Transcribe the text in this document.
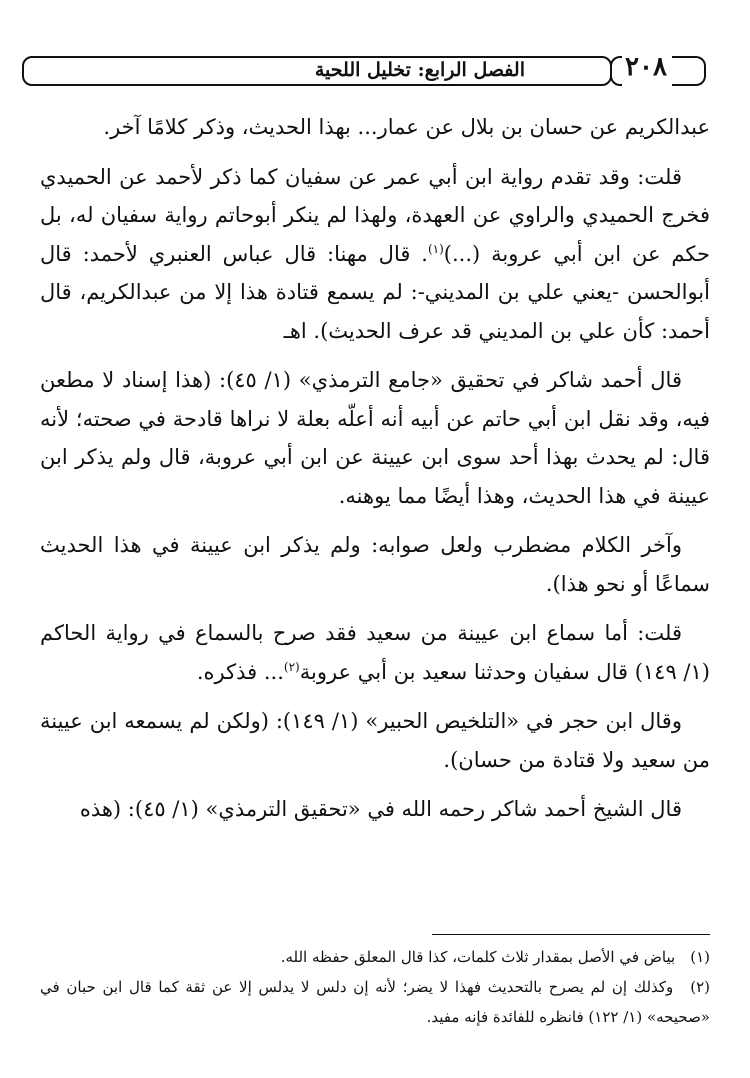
الفصل الرابع: تخليل اللحية	٢٠٨

عبدالكريم عن حسان بن بلال عن عمار... بهذا الحديث، وذكر كلامًا آخر.

قلت: وقد تقدم رواية ابن أبي عمر عن سفيان كما ذكر لأحمد عن الحميدي فخرج الحميدي والراوي عن العهدة، ولهذا لم ينكر أبوحاتم رواية سفيان له، بل حكم عن ابن أبي عروبة (...)$^{(١)}$. قال مهنا: قال عباس العنبري لأحمد: قال أبوالحسن -يعني علي بن المديني-: لم يسمع قتادة هذا إلا من عبدالكريم، قال أحمد: كأن علي بن المديني قد عرف الحديث). اهـ

قال أحمد شاكر في تحقيق «جامع الترمذي» (١/ ٤٥): (هذا إسناد لا مطعن فيه، وقد نقل ابن أبي حاتم عن أبيه أنه أعلّه بعلة لا نراها قادحة في صحته؛ لأنه قال: لم يحدث بهذا أحد سوى ابن عيينة عن ابن أبي عروبة، قال ولم يذكر ابن عيينة في هذا الحديث، وهذا أيضًا مما يوهنه.

وآخر الكلام مضطرب ولعل صوابه: ولم يذكر ابن عيينة في هذا الحديث سماعًا أو نحو هذا).

قلت: أما سماع ابن عيينة من سعيد فقد صرح بالسماع في رواية الحاكم (١/ ١٤٩) قال سفيان وحدثنا سعيد بن أبي عروبة$^{(٢)}$... فذكره.

وقال ابن حجر في «التلخيص الحبير» (١/ ١٤٩): (ولكن لم يسمعه ابن عيينة من سعيد ولا قتادة من حسان).

قال الشيخ أحمد شاكر رحمه الله في «تحقيق الترمذي» (١/ ٤٥): (هذه

(١) بياض في الأصل بمقدار ثلاث كلمات، كذا قال المعلق حفظه الله.

(٢) وكذلك إن لم يصرح بالتحديث فهذا لا يضر؛ لأنه إن دلس لا يدلس إلا عن ثقة كما قال ابن حبان في «صحيحه» (١/ ١٢٢) فانظره للفائدة فإنه مفيد.
